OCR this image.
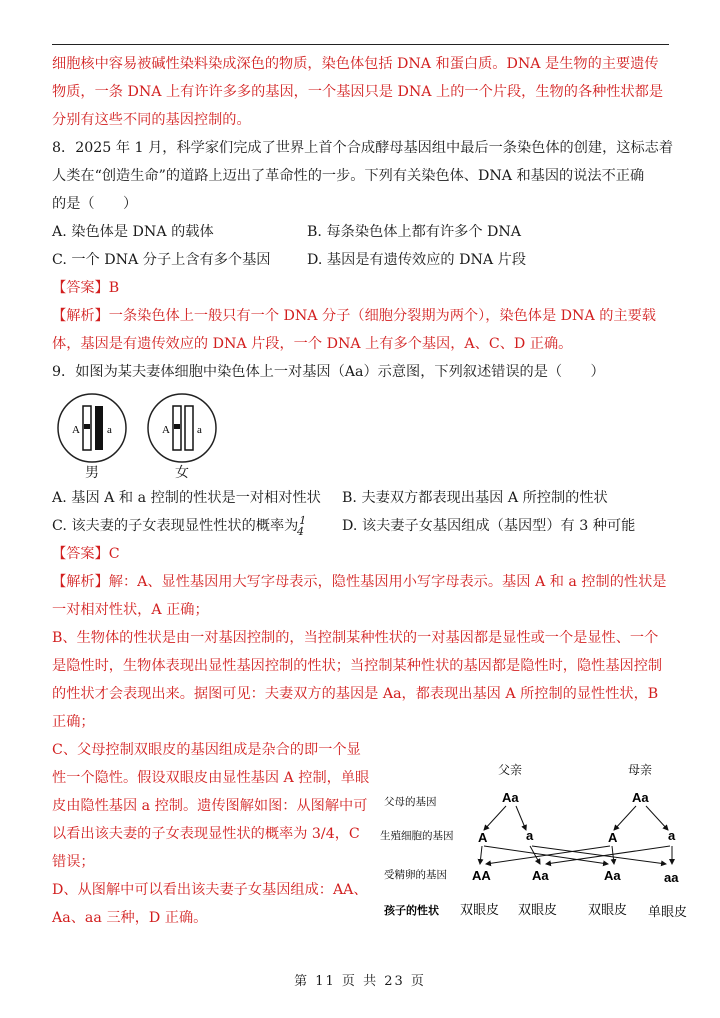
细胞核中容易被碱性染料染成深色的物质，染色体包括 DNA 和蛋白质。DNA 是生物的主要遗传
物质，一条 DNA 上有许许多多的基因，一个基因只是 DNA 上的一个片段，生物的各种性状都是
分别有这些不同的基因控制的。
8．2025 年 1 月，科学家们完成了世界上首个合成酵母基因组中最后一条染色体的创建，这标志着
人类在“创造生命”的道路上迈出了革命性的一步。下列有关染色体、DNA 和基因的说法不正确
的是（　　）
A. 染色体是 DNA 的载体	B. 每条染色体上都有许多个 DNA
C. 一个 DNA 分子上含有多个基因	D. 基因是有遗传效应的 DNA 片段
【答案】B
【解析】一条染色体上一般只有一个 DNA 分子（细胞分裂期为两个），染色体是 DNA 的主要载
体，基因是有遗传效应的 DNA 片段，一个 DNA 上有多个基因，A、C、D 正确。
9．如图为某夫妻体细胞中染色体上一对基因（Aa）示意图，下列叙述错误的是（　　）
A a
男
A a
女
A. 基因 A 和 a 控制的性状是一对相对性状	B. 夫妻双方都表现出基因 A 所控制的性状
C. 该夫妻的子女表现显性性状的概率为1
4	D. 该夫妻子女基因组成（基因型）有 3 种可能
【答案】C
【解析】解：A、显性基因用大写字母表示，隐性基因用小写字母表示。基因 A 和 a 控制的性状是
一对相对性状，A 正确；
B、生物体的性状是由一对基因控制的，当控制某种性状的一对基因都是显性或一个是显性、一个
是隐性时，生物体表现出显性基因控制的性状；当控制某种性状的基因都是隐性时，隐性基因控制
的性状才会表现出来。据图可见：夫妻双方的基因是 Aa，都表现出基因 A 所控制的显性性状，B
正确；
C、父母控制双眼皮的基因组成是杂合的即一个显
性一个隐性。假设双眼皮由显性基因 A 控制，单眼
皮由隐性基因 a 控制。遗传图解如图：从图解中可
以看出该夫妻的子女表现显性状的概率为 3/4，C
错误；
D、从图解中可以看出该夫妻子女基因组成：AA、
Aa、aa 三种，D 正确。
父亲	母亲
父母的基因
生殖细胞的基因
受精卵的基因
孩子的性状
Aa	Aa
A	a	A	a
AA	Aa	Aa	aa
双眼皮 双眼皮 双眼皮 单眼皮
第 11 页 共 23 页
